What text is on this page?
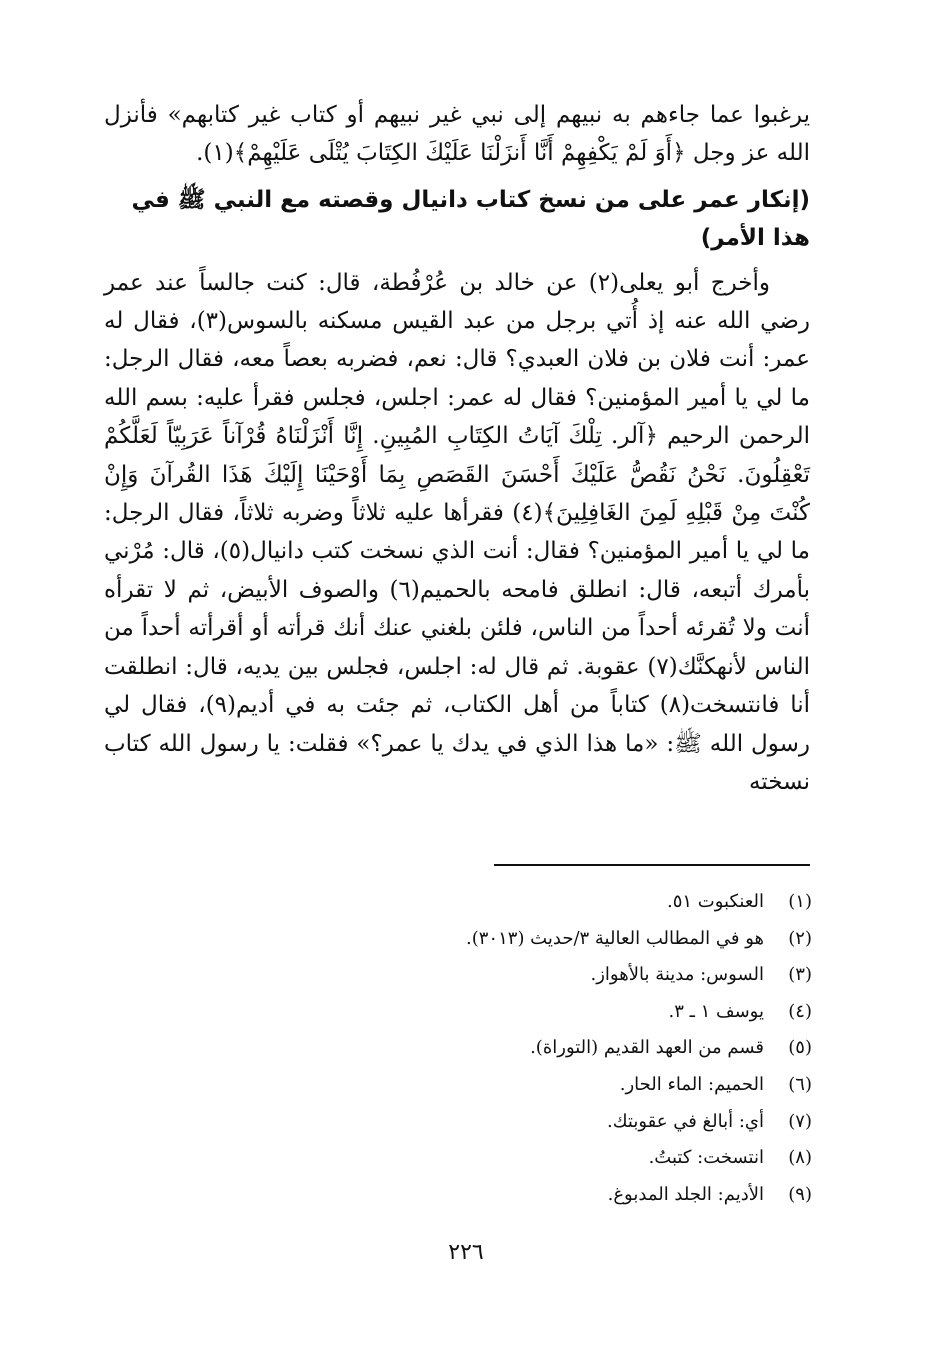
يرغبوا عما جاءهم به نبيهم إلى نبي غير نبيهم أو كتاب غير كتابهم» فأنزل الله عز وجل ﴿أَوَ لَمْ يَكْفِهِمْ أَنَّا أَنزَلْنَا عَلَيْكَ الكِتَابَ يُتْلَى عَلَيْهِمْ﴾(١).

(إنكار عمر على من نسخ كتاب دانيال وقصته مع النبي ﷺ في هذا الأمر)

وأخرج أبو يعلى(٢) عن خالد بن عُرْفُطة، قال: كنت جالساً عند عمر رضي الله عنه إذ أُتي برجل من عبد القيس مسكنه بالسوس(٣)، فقال له عمر: أنت فلان بن فلان العبدي؟ قال: نعم، فضربه بعصاً معه، فقال الرجل: ما لي يا أمير المؤمنين؟ فقال له عمر: اجلس، فجلس فقرأ عليه: بسم الله الرحمن الرحيم ﴿آلر. تِلْكَ آيَاتُ الكِتَابِ المُبِينِ. إِنَّا أَنْزَلْنَاهُ قُرْآناً عَرَبِيّاً لَعَلَّكُمْ تَعْقِلُونَ. نَحْنُ نَقُصُّ عَلَيْكَ أَحْسَنَ القَصَصِ بِمَا أَوْحَيْنَا إِلَيْكَ هَذَا القُرآنَ وَإِنْ كُنْتَ مِنْ قَبْلِهِ لَمِنَ الغَافِلِينَ﴾(٤) فقرأها عليه ثلاثاً وضربه ثلاثاً، فقال الرجل: ما لي يا أمير المؤمنين؟ فقال: أنت الذي نسخت كتب دانيال(٥)، قال: مُرْني بأمرك أتبعه، قال: انطلق فامحه بالحميم(٦) والصوف الأبيض، ثم لا تقرأه أنت ولا تُقرئه أحداً من الناس، فلئن بلغني عنك أنك قرأته أو أقرأته أحداً من الناس لأنهكنَّك(٧) عقوبة. ثم قال له: اجلس، فجلس بين يديه، قال: انطلقت أنا فانتسخت(٨) كتاباً من أهل الكتاب، ثم جئت به في أديم(٩)، فقال لي رسول الله ﷺ: «ما هذا الذي في يدك يا عمر؟» فقلت: يا رسول الله كتاب نسخته

(١)العنكبوت ٥١.
(٢)هو في المطالب العالية ٣/حديث (٣٠١٣).
(٣)السوس: مدينة بالأهواز.
(٤)يوسف ١ ـ ٣.
(٥)قسم من العهد القديم (التوراة).
(٦)الحميم: الماء الحار.
(٧)أي: أبالغ في عقوبتك.
(٨)انتسخت: كتبتُ.
(٩)الأديم: الجلد المدبوغ.
٢٢٦
